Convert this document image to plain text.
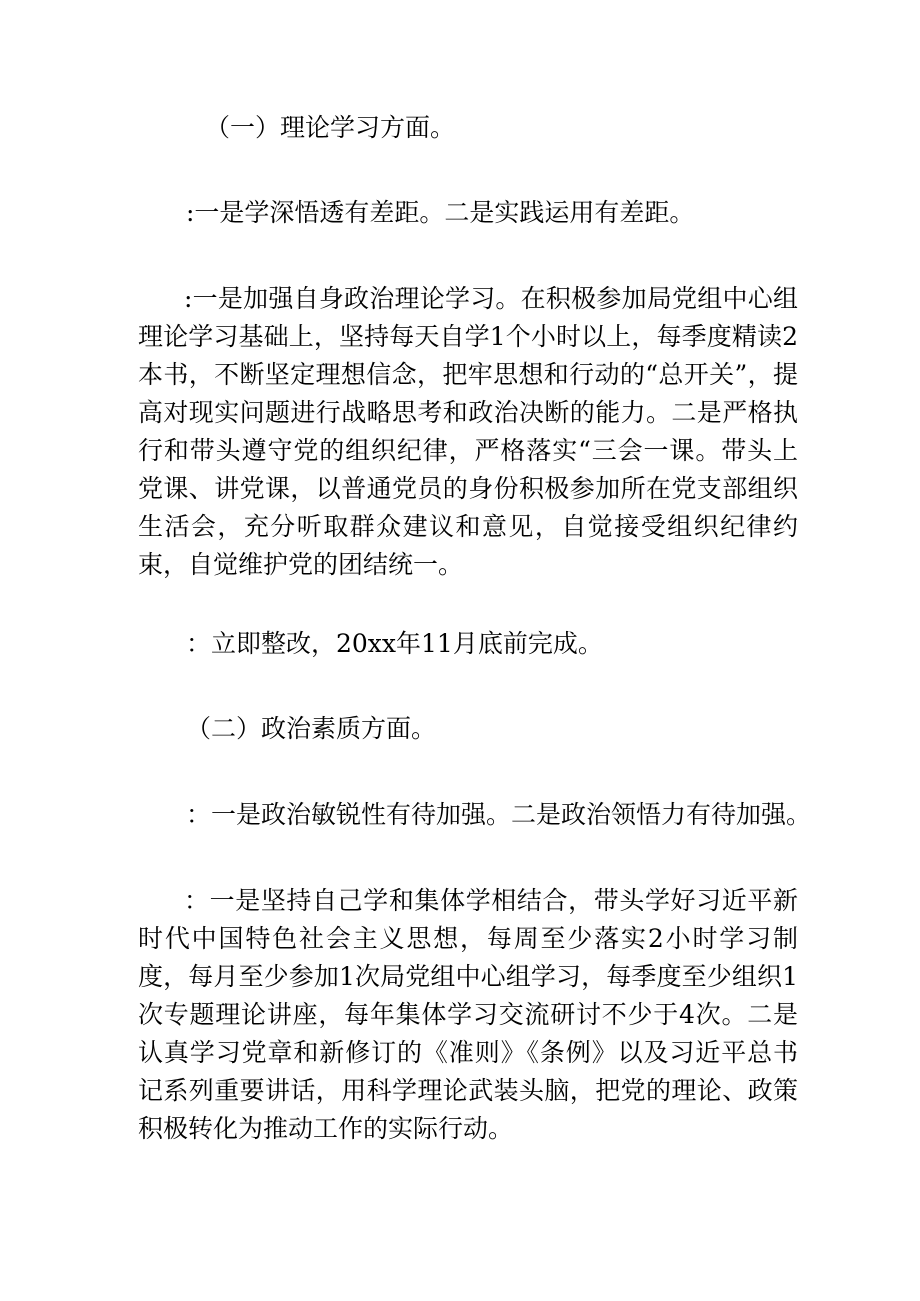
（一）理论学习方面。
:一是学深悟透有差距。二是实践运用有差距。
:一是加强自身政治理论学习。在积极参加局党组中心组理论学习基础上，坚持每天自学1个小时以上，每季度精读2本书，不断坚定理想信念，把牢思想和行动的“总开关”，提高对现实问题进行战略思考和政治决断的能力。二是严格执行和带头遵守党的组织纪律，严格落实“三会一课。带头上党课、讲党课，以普通党员的身份积极参加所在党支部组织生活会，充分听取群众建议和意见，自觉接受组织纪律约束，自觉维护党的团结统一。
：立即整改，20xx年11月底前完成。
（二）政治素质方面。
：一是政治敏锐性有待加强。二是政治领悟力有待加强。
：一是坚持自己学和集体学相结合，带头学好习近平新时代中国特色社会主义思想，每周至少落实2小时学习制度，每月至少参加1次局党组中心组学习，每季度至少组织1次专题理论讲座，每年集体学习交流研讨不少于4次。二是认真学习党章和新修订的《准则》《条例》以及习近平总书记系列重要讲话，用科学理论武装头脑，把党的理论、政策积极转化为推动工作的实际行动。
